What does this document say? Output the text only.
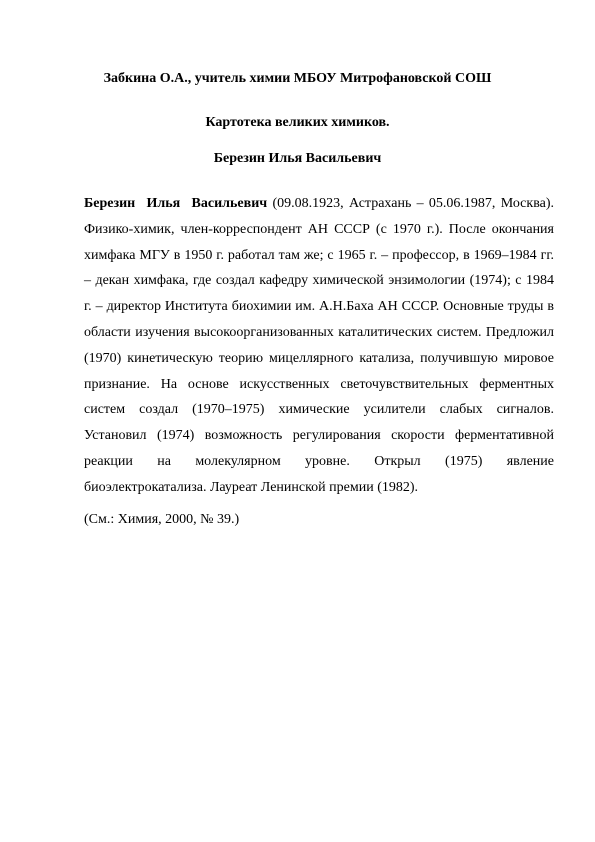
Забкина О.А., учитель химии МБОУ Митрофановской СОШ
Картотека великих химиков.
Березин Илья Васильевич

Березин Илья Васильевич (09.08.1923, Астрахань – 05.06.1987, Москва). Физико-химик, член-корреспондент АН СССР (с 1970 г.). После окончания химфака МГУ в 1950 г. работал там же; с 1965 г. – профессор, в 1969–1984 гг. – декан химфака, где создал кафедру химической энзимологии (1974); с 1984 г. – директор Института биохимии им. А.Н.Баха АН СССР. Основные труды в области изучения высокоорганизованных каталитических систем. Предложил (1970) кинетическую теорию мицеллярного катализа, получившую мировое признание. На основе искусственных светочувствительных ферментных систем создал (1970–1975) химические усилители слабых сигналов. Установил (1974) возможность регулирования скорости ферментативной реакции на молекулярном уровне. Открыл (1975) явление биоэлектрокатализа. Лауреат Ленинской премии (1982).

(См.: Химия, 2000, № 39.)
